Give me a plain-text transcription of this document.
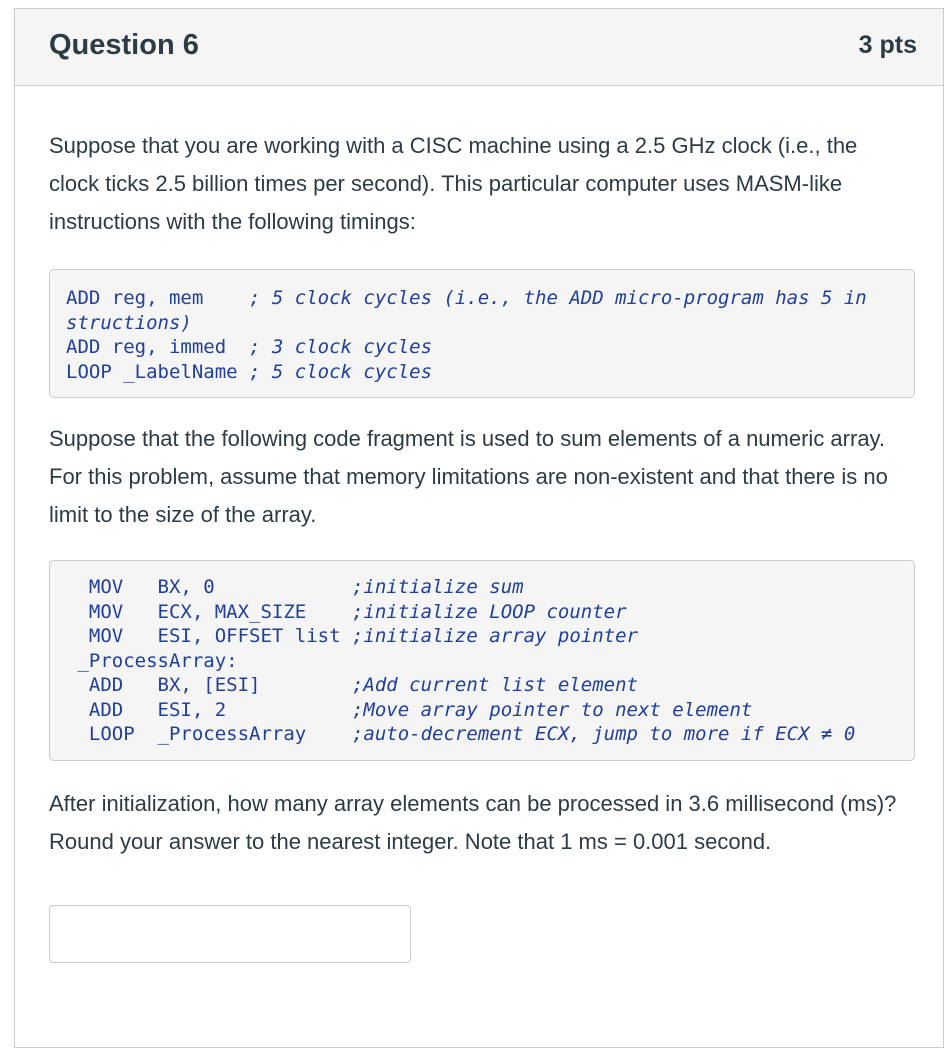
Question 6	3 pts

Suppose that you are working with a CISC machine using a 2.5 GHz clock (i.e., the clock ticks 2.5 billion times per second). This particular computer uses MASM-like instructions with the following timings:

ADD reg, mem ; 5 clock cycles (i.e., the ADD micro-program has 5 in
structions)
ADD reg, immed ; 3 clock cycles
LOOP _LabelName ; 5 clock cycles

Suppose that the following code fragment is used to sum elements of a numeric array. For this problem, assume that memory limitations are non-existent and that there is no limit to the size of the array.

MOV   BX, 0 ;initialize sum
MOV   ECX, MAX_SIZE ;initialize LOOP counter
MOV   ESI, OFFSET list ;initialize array pointer
_ProcessArray:
ADD   BX, [ESI] ;Add current list element
ADD   ESI, 2 ;Move array pointer to next element
LOOP  _ProcessArray ;auto-decrement ECX, jump to more if ECX ≠ 0

After initialization, how many array elements can be processed in 3.6 millisecond (ms)? Round your answer to the nearest integer. Note that 1 ms = 0.001 second.
